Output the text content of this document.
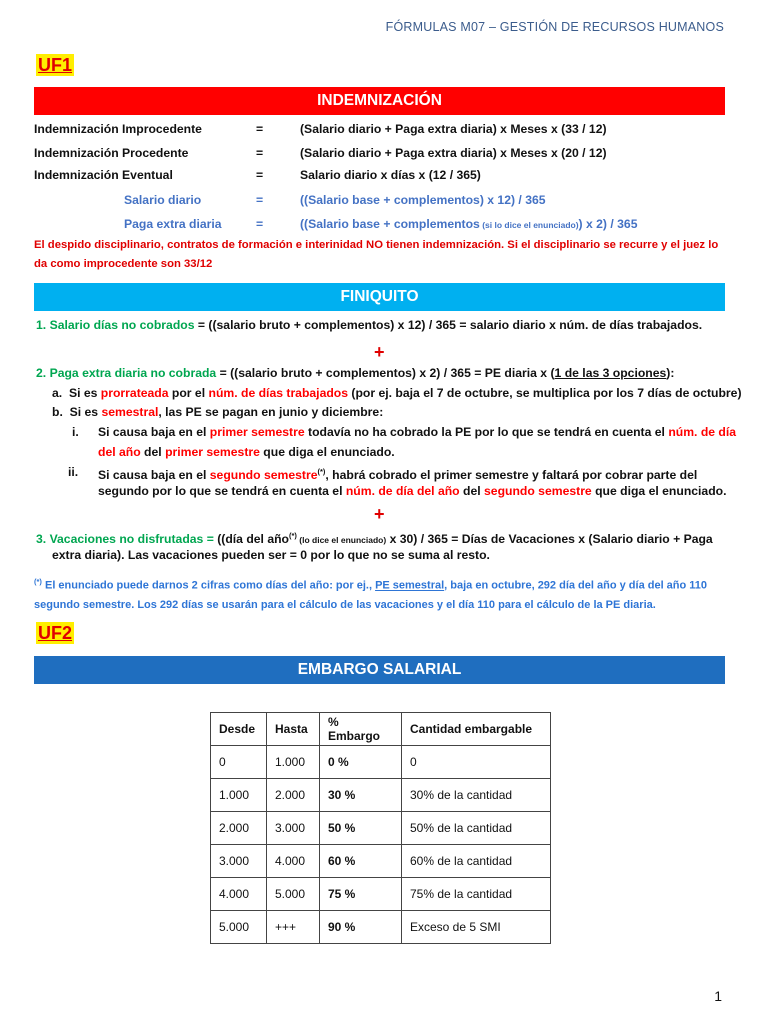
FÓRMULAS M07 – GESTIÓN DE RECURSOS HUMANOS
UF1
INDEMNIZACIÓN
Indemnización Improcedente	=	(Salario diario + Paga extra diaria) x Meses x (33 / 12)
Indemnización Procedente	=	(Salario diario + Paga extra diaria) x Meses x (20 / 12)
Indemnización Eventual	=	Salario diario x días x (12 / 365)
Salario diario	=	((Salario base + complementos) x 12) / 365
Paga extra diaria	=	((Salario base + complementos (si lo dice el enunciado)) x 2) / 365
El despido disciplinario, contratos de formación e interinidad NO tienen indemnización. Si el disciplinario se recurre y el juez lo da como improcedente son 33/12
FINIQUITO
1. Salario días no cobrados = ((salario bruto + complementos) x 12) / 365 = salario diario x núm. de días trabajados.
+
2. Paga extra diaria no cobrada = ((salario bruto + complementos) x 2) / 365 = PE diaria x (1 de las 3 opciones):
a. Si es prorrateada por el núm. de días trabajados (por ej. baja el 7 de octubre, se multiplica por los 7 días de octubre)
b. Si es semestral, las PE se pagan en junio y diciembre:
i. Si causa baja en el primer semestre todavía no ha cobrado la PE por lo que se tendrá en cuenta el núm. de día
del año del primer semestre que diga el enunciado.
ii. Si causa baja en el segundo semestre(*), habrá cobrado el primer semestre y faltará por cobrar parte del
segundo por lo que se tendrá en cuenta el núm. de día del año del segundo semestre que diga el enunciado.
+
3. Vacaciones no disfrutadas = ((día del año(*) (lo dice el enunciado) x 30) / 365 = Días de Vacaciones x (Salario diario + Paga
extra diaria). Las vacaciones pueden ser = 0 por lo que no se suma al resto.
(*) El enunciado puede darnos 2 cifras como días del año: por ej., PE semestral, baja en octubre, 292 día del año y día del año 110
segundo semestre. Los 292 días se usarán para el cálculo de las vacaciones y el día 110 para el cálculo de la PE diaria.
UF2
EMBARGO SALARIAL
Desde	Hasta	% Embargo	Cantidad embargable
0	1.000	0 %	0
1.000	2.000	30 %	30% de la cantidad
2.000	3.000	50 %	50% de la cantidad
3.000	4.000	60 %	60% de la cantidad
4.000	5.000	75 %	75% de la cantidad
5.000	+++	90 %	Exceso de 5 SMI
1
